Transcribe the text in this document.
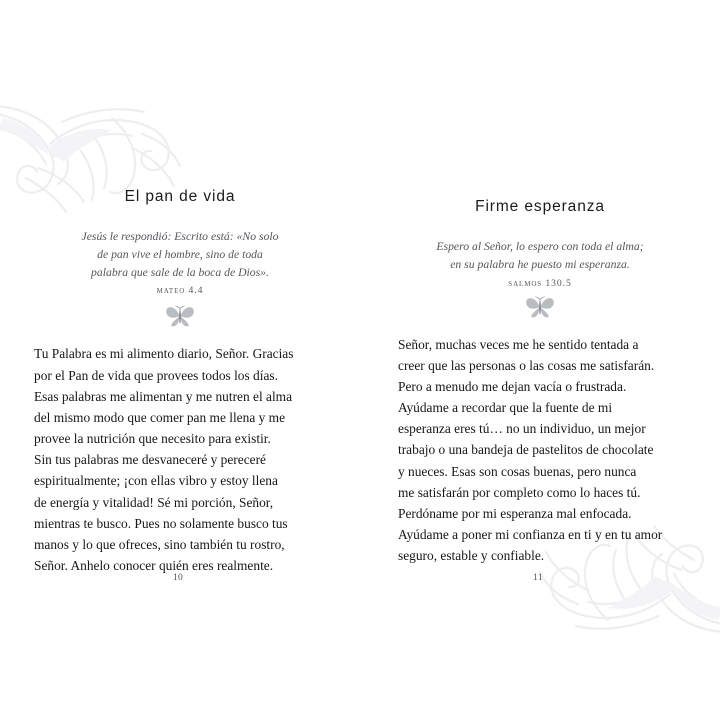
El pan de vida
Jesús le respondió: Escrito está: «No solo
de pan vive el hombre, sino de toda
palabra que sale de la boca de Dios».
mateo 4.4
Tu Palabra es mi alimento diario, Señor. Gracias
por el Pan de vida que provees todos los días.
Esas palabras me alimentan y me nutren el alma
del mismo modo que comer pan me llena y me
provee la nutrición que necesito para existir.
Sin tus palabras me desvaneceré y pereceré
espiritualmente; ¡con ellas vibro y estoy llena
de energía y vitalidad! Sé mi porción, Señor,
mientras te busco. Pues no solamente busco tus
manos y lo que ofreces, sino también tu rostro,
Señor. Anhelo conocer quién eres realmente.
10
Firme esperanza
Espero al Señor, lo espero con toda el alma;
en su palabra he puesto mi esperanza.
salmos 130.5
Señor, muchas veces me he sentido tentada a
creer que las personas o las cosas me satisfarán.
Pero a menudo me dejan vacía o frustrada.
Ayúdame a recordar que la fuente de mi
esperanza eres tú… no un individuo, un mejor
trabajo o una bandeja de pastelitos de chocolate
y nueces. Esas son cosas buenas, pero nunca
me satisfarán por completo como lo haces tú.
Perdóname por mi esperanza mal enfocada.
Ayúdame a poner mi confianza en ti y en tu amor
seguro, estable y confiable.
11
